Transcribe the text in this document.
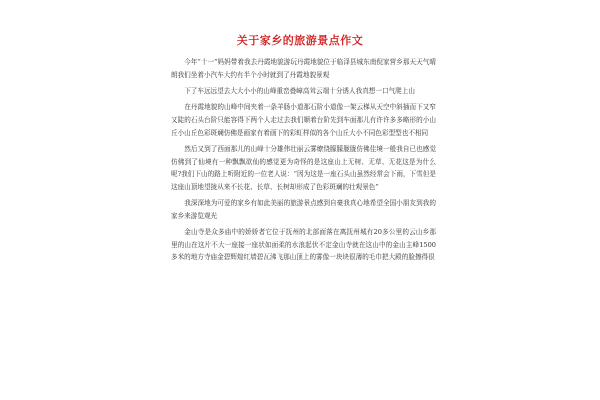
关于家乡的旅游景点作文

今年“十一”妈妈带着我去丹霞地貌游玩丹霞地貌位于临泽县城东南倪家营乡那天天气晴朗我们坐着小汽车大约有半个小时就到了丹霞地貌景观

下了车远远望去大大小小的山峰重峦叠嶂高耸云端十分诱人我真想一口气爬上山

在丹霞地貌的山峰中间夹着一条羊肠小道那石阶小道像一架云梯从天空中斜插而下又窄又陡的石头台阶只能容得下两个人走过去我们顺着台阶先到车面那儿有许许多多略形的小山丘小山丘色彩斑斓仿佛是画家有着画下的彩虹样似的各个山丘大小不同色彩型型也不相同

然后又到了西面那儿的山峰十分雄伟壮丽云雾缭绕朦朦胧胧仿佛佳境一般我自已也感觉仿佛到了仙境有一种飘飘欲仙的感觉更为奇怪的是这座山上无树、无草、无花这是为什么呢?我们下山的路上听附近的一位老人说：“因为这是一座石头山虽然经常会下雨，下雪但是这座山顶地望拢从来不长花、长草、长树却形成了色彩斑斓的壮观景色”

我深深地为可爱的家乡有如此美丽的旅游景点感到自豪我真心地希望全国小朋友到我的家乡来游览观光

金山寺是众多庙中的娇娇者它位于抚州的北部面落在离抚州城有20多公里的云山乡那里的山在这片不大一座接一座状如面柔的水浪起伏不定金山寺就在这山中的金山主峰1500多米的地方寺庙金碧辉煌红墙碧瓦沸飞那山顶上的雾像一块块很薄的毛巾把大殿的脸擦得很
